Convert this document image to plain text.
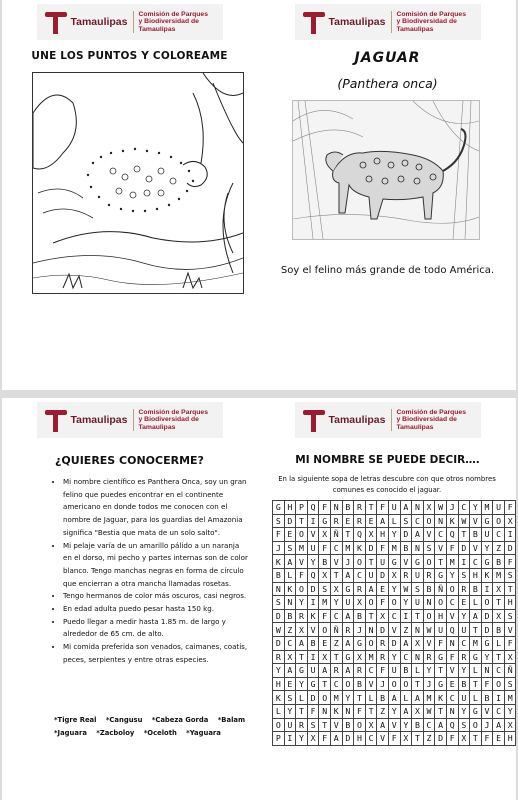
Tamaulipas
Comisión de Parques
y Biodiversidad de
Tamaulipas
UNE LOS PUNTOS Y COLOREAME
Tamaulipas
Comisión de Parques
y Biodiversidad de
Tamaulipas
JAGUAR
(Panthera onca)
Soy el felino más grande de todo América.
Tamaulipas
Comisión de Parques
y Biodiversidad de
Tamaulipas
Tamaulipas
Comisión de Parques
y Biodiversidad de
Tamaulipas
¿QUIERES CONOCERME?
• Mi nombre científico es Panthera Onca, soy un gran felino que puedes encontrar en el continente americano en donde todos me conocen con el nombre de Jaguar, para los guardias del Amazonia significa "Bestia que mata de un solo salto".
• Mi pelaje varía de un amarillo pálido a un naranja en el dorso, mi pecho y partes internas son de color blanco. Tengo manchas negras en forma de círculo que encierran a otra mancha llamadas rosetas.
• Tengo hermanos de color más oscuros, casi negros.
• En edad adulta puedo pesar hasta 150 kg.
• Puedo llegar a medir hasta 1.85 m. de largo y alrededor de 65 cm. de alto.
• Mi comida preferida son venados, caimanes, coatís, peces, serpientes y entre otras especies.
*Tigre Real *Cangusu *Cabeza Gorda *Balam
*Jaguara *Zacboloy *Oceloth *Yaguara
MI NOMBRE SE PUEDE DECIR….
En la siguiente sopa de letras descubre con que otros nombres comunes es conocido el jaguar.
G	H	P	Q	F	N	B	R	T	F	U	A	N	X	W	J	C	Y	M	U	F
S	D	T	I	G	R	E	R	E	A	L	S	C	O	N	K	W	V	G	O	X
F	E	O	V	X	Ñ	T	Q	X	H	Y	D	A	V	C	Q	T	B	U	C	I
J	S	M	U	F	C	M	K	D	F	M	B	N	S	V	F	D	V	Y	Z	D
K	A	V	Y	B	V	J	O	T	U	G	V	G	O	T	M	I	C	G	B	F
B	L	F	Q	X	T	A	C	U	D	X	R	U	R	G	Y	S	H	K	M	S
N	K	O	D	S	X	G	R	A	E	Y	W	S	B	Ñ	O	R	B	I	X	T
S	N	Y	I	M	Y	U	X	O	F	O	Y	U	N	O	C	E	L	O	T	H
D	B	R	K	F	C	A	B	T	X	C	I	T	O	H	V	Y	A	D	X	S
W	Z	X	V	O	Ñ	R	J	N	D	V	Z	N	W	U	Q	U	T	D	B	V
D	C	A	B	E	Z	A	G	O	R	D	A	X	V	F	N	C	M	G	L	F
R	X	T	I	X	T	G	X	M	R	Y	C	N	R	G	F	R	G	Y	T	X
Y	A	G	U	A	R	A	R	C	F	U	B	L	Y	T	V	Y	L	N	C	Ñ
H	E	Y	G	T	C	O	B	V	J	O	O	T	J	G	E	B	T	F	O	S
K	S	L	D	O	M	Y	T	L	B	A	L	A	M	K	C	U	L	B	I	M
L	Y	T	F	N	K	N	F	T	Z	Y	A	X	W	T	N	Y	G	V	C	Y
O	U	R	S	T	V	B	O	X	A	V	Y	B	C	A	Q	S	O	J	A	X
P	I	Y	X	F	A	D	H	C	V	F	X	T	Z	D	F	X	T	F	E	H
